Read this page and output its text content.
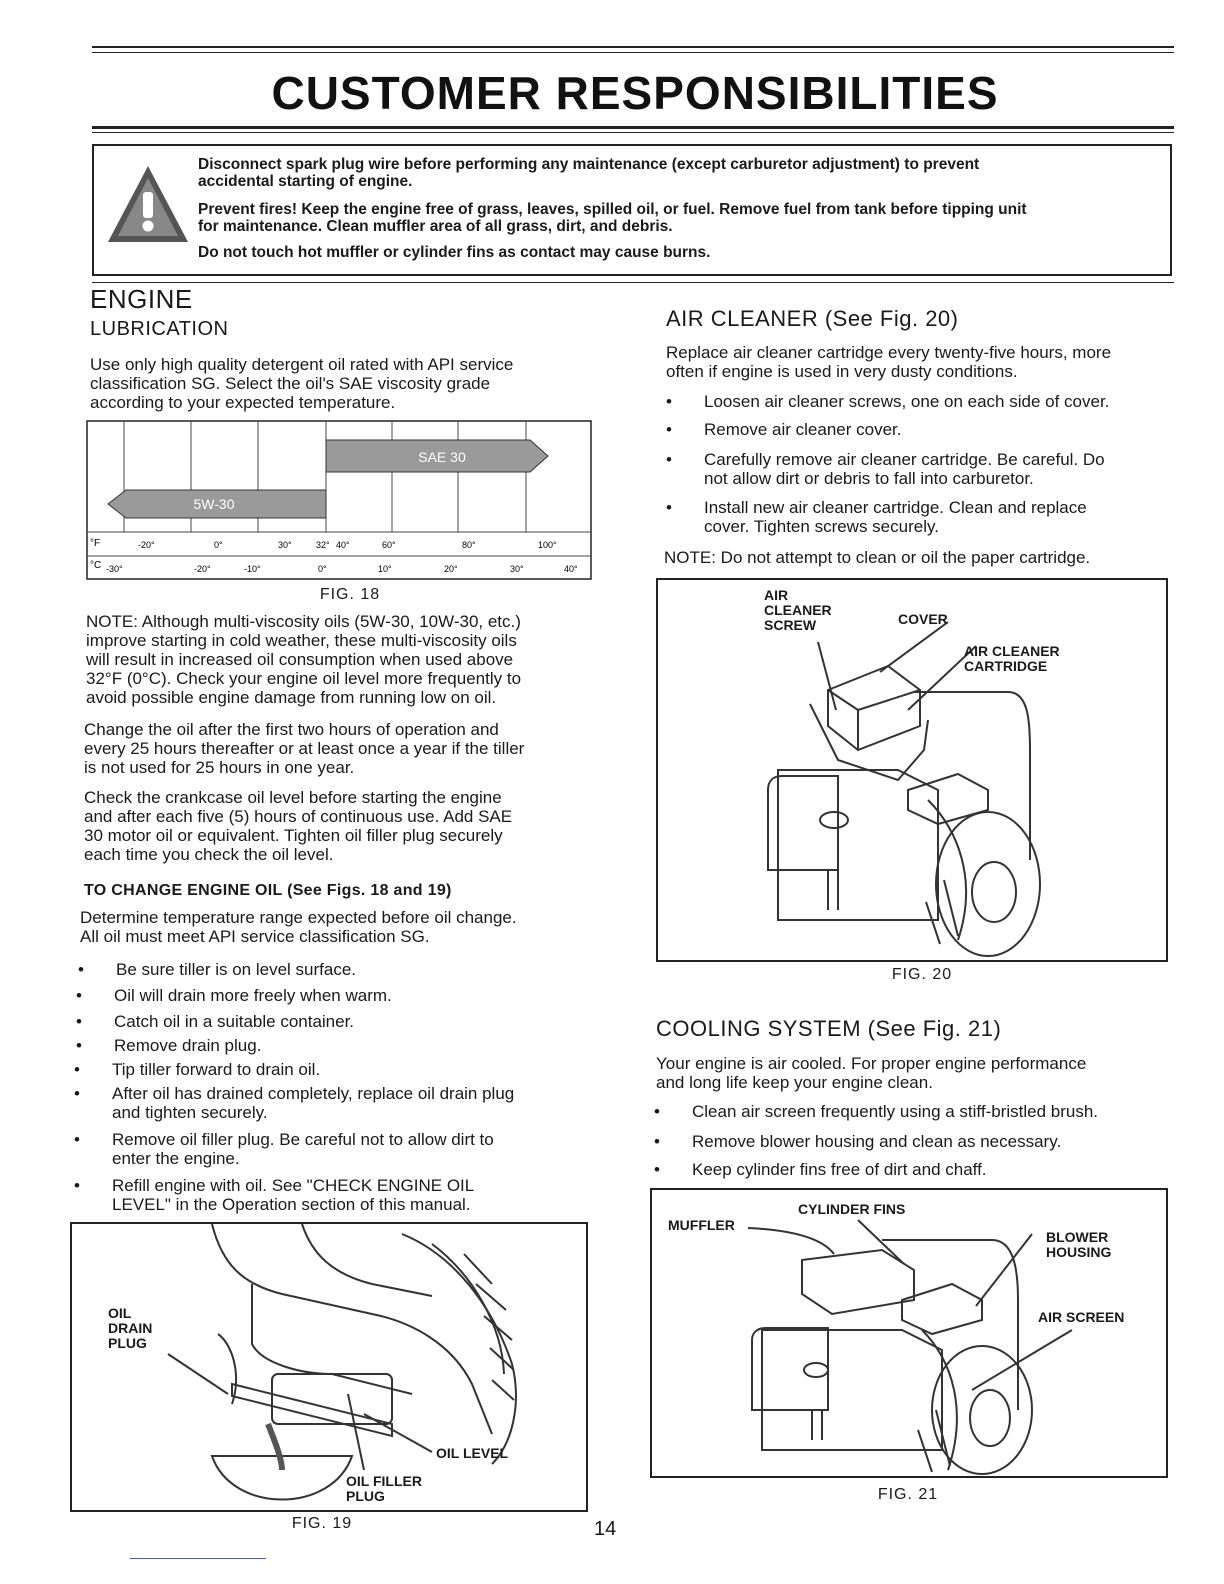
CUSTOMER RESPONSIBILITIES
Disconnect spark plug wire before performing any maintenance (except carburetor adjustment) to prevent
accidental starting of engine.
Prevent fires! Keep the engine free of grass, leaves, spilled oil, or fuel. Remove fuel from tank before tipping unit
for maintenance. Clean muffler area of all grass, dirt, and debris.
Do not touch hot muffler or cylinder fins as contact may cause burns.
ENGINE
LUBRICATION

Use only high quality detergent oil rated with API service

classification SG. Select the oil's SAE viscosity grade

according to your expected temperature.

SAE 30
5W-30
°F
°C
-20°	0°	30°	32° 40°	60°	80°	100°
-30°	-20°	-10°	0°	10°	20°	30°	40°
FIG. 18

NOTE: Although multi-viscosity oils (5W-30, 10W-30, etc.)

improve starting in cold weather, these multi-viscosity oils

will result in increased oil consumption when used above

32°F (0°C). Check your engine oil level more frequently to

avoid possible engine damage from running low on oil.

Change the oil after the first two hours of operation and

every 25 hours thereafter or at least once a year if the tiller

is not used for 25 hours in one year.

Check the crankcase oil level before starting the engine

and after each five (5) hours of continuous use. Add SAE

30 motor oil or equivalent. Tighten oil filler plug securely

each time you check the oil level.

TO CHANGE ENGINE OIL (See Figs. 18 and 19)

Determine temperature range expected before oil change.

All oil must meet API service classification SG.

• Be sure tiller is on level surface.
• Oil will drain more freely when warm.
• Catch oil in a suitable container.
• Remove drain plug.
• Tip tiller forward to drain oil.
• After oil has drained completely, replace oil drain plug
and tighten securely.
• Remove oil filler plug. Be careful not to allow dirt to
enter the engine.
• Refill engine with oil. See "CHECK ENGINE OIL
LEVEL" in the Operation section of this manual.
OIL
DRAIN
PLUG
OIL LEVEL
OIL FILLER
PLUG
FIG. 19	14
AIR CLEANER (See Fig. 20)

Replace air cleaner cartridge every twenty-five hours, more

often if engine is used in very dusty conditions.

• Loosen air cleaner screws, one on each side of cover.
• Remove air cleaner cover.
• Carefully remove air cleaner cartridge. Be careful. Do
not allow dirt or debris to fall into carburetor.
• Install new air cleaner cartridge. Clean and replace
cover. Tighten screws securely.
NOTE: Do not attempt to clean or oil the paper cartridge.
AIR
CLEANER
SCREW	COVER
AIR CLEANER
CARTRIDGE
FIG. 20
COOLING SYSTEM (See Fig. 21)

Your engine is air cooled. For proper engine performance

and long life keep your engine clean.

• Clean air screen frequently using a stiff-bristled brush.
• Remove blower housing and clean as necessary.
• Keep cylinder fins free of dirt and chaff.
CYLINDER FINS
MUFFLER
BLOWER
HOUSING
AIR SCREEN
FIG. 21
